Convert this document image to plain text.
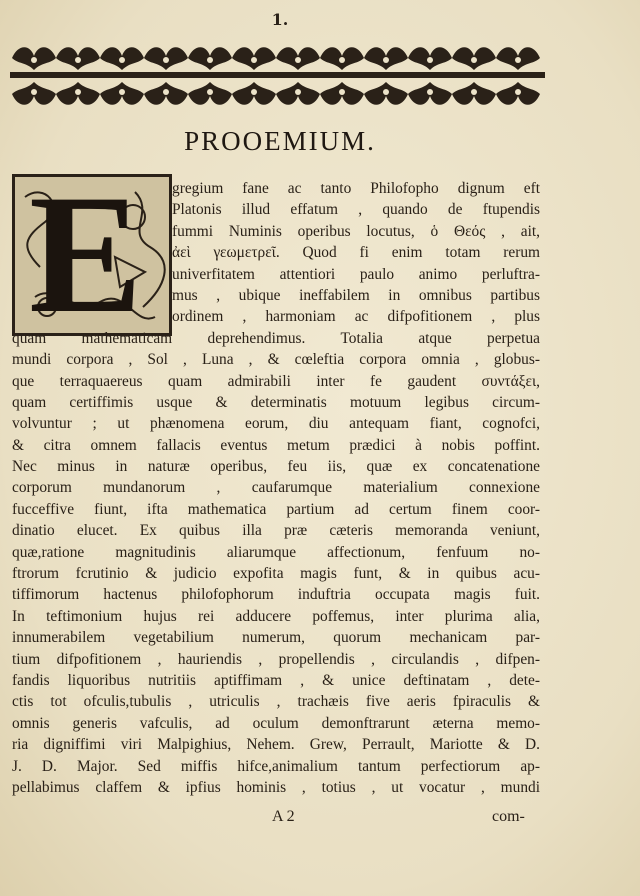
1.
PROOEMIUM.
E gregium fane ac tanto Philofopho dignum eft
Platonis illud effatum , quando de ftupendis
fummi Numinis operibus locutus, ὁ Θεός , ait,
ἀεὶ γεωμετρεῖ. Quod fi enim totam rerum
univerfitatem attentiori paulo animo perluftra-
mus , ubique ineffabilem in omnibus partibus
ordinem , harmoniam ac difpofitionem , plus
quam mathematicam deprehendimus. Totalia atque perpetua
mundi corpora , Sol , Luna , & cœleftia corpora omnia , globus-
que terraquaereus quam admirabili inter fe gaudent συντάξει,
quam certiffimis usque & determinatis motuum legibus circum-
volvuntur ; ut phænomena eorum, diu antequam fiant, cognofci,
& citra omnem fallacis eventus metum prædici à nobis poffint.
Nec minus in naturæ operibus, feu iis, quæ ex concatenatione
corporum mundanorum , caufarumque materialium connexione
fucceffive fiunt, ifta mathematica partium ad certum finem coor-
dinatio elucet. Ex quibus illa præ cæteris memoranda veniunt,
quæ,ratione magnitudinis aliarumque affectionum, fenfuum no-
ftrorum fcrutinio & judicio expofita magis funt, & in quibus acu-
tiffimorum hactenus philofophorum induftria occupata magis fuit.
In teftimonium hujus rei adducere poffemus, inter plurima alia,
innumerabilem vegetabilium numerum, quorum mechanicam par-
tium difpofitionem , hauriendis , propellendis , circulandis , difpen-
fandis liquoribus nutritiis aptiffimam , & unice deftinatam , dete-
ctis tot ofculis,tubulis , utriculis , trachæis five aeris fpiraculis &
omnis generis vafculis, ad oculum demonftrarunt æterna memo-
ria digniffimi viri Malpighius, Nehem. Grew, Perrault, Mariotte & D.
J. D. Major. Sed miffis hifce,animalium tantum perfectiorum ap-
pellabimus claffem & ipfius hominis , totius , ut vocatur , mundi
A 2	com-
